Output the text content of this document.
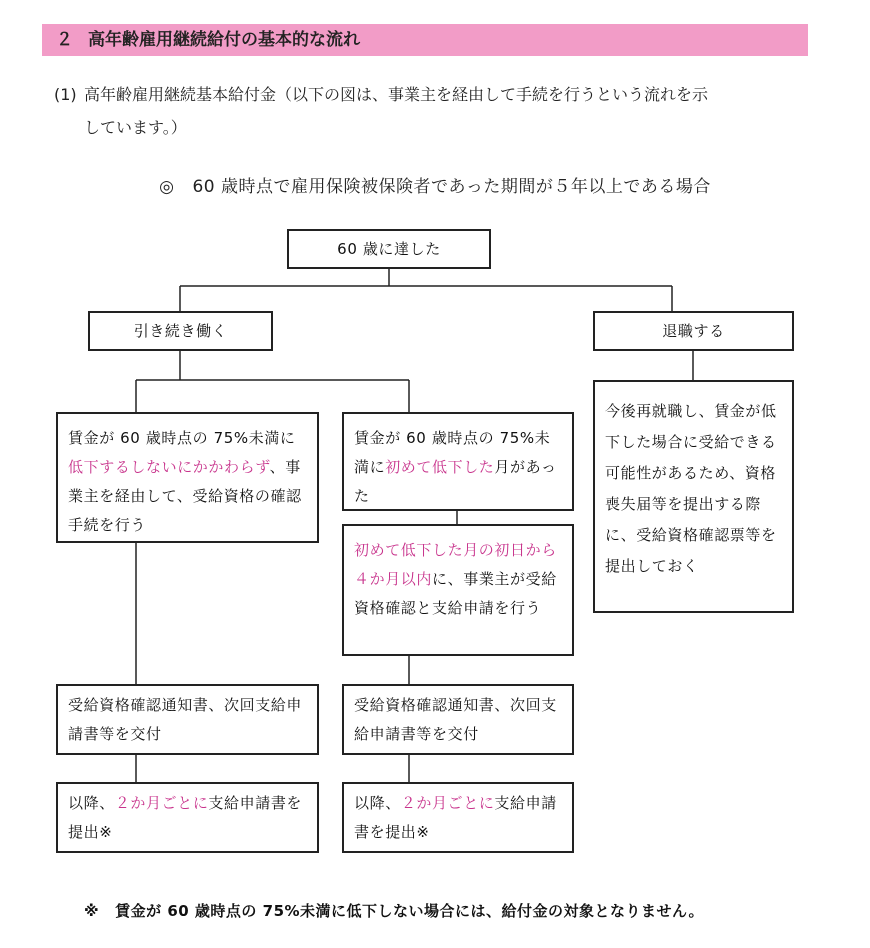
２ 高年齢雇用継続給付の基本的な流れ
(1) 高年齢雇用継続基本給付金（以下の図は、事業主を経由して手続を行うという流れを示
しています。）
◎ 60 歳時点で雇用保険被保険者であった期間が５年以上である場合
60 歳に達した
引き続き働く	退職する
今後再就職し、賃金が低下した場合に受給できる可能性があるため、資格喪失届等を提出する際に、受給資格確認票等を提出しておく
賃金が 60 歳時点の 75%未満に低下するしないにかかわらず、事業主を経由して、受給資格の確認手続を行う
賃金が 60 歳時点の 75%未満に初めて低下した月があった
初めて低下した月の初日から４か月以内に、事業主が受給資格確認と支給申請を行う
受給資格確認通知書、次回支給申請書等を交付
受給資格確認通知書、次回支給申請書等を交付
以降、２か月ごとに支給申請書を提出※
以降、２か月ごとに支給申請書を提出※
※ 賃金が 60 歳時点の 75%未満に低下しない場合には、給付金の対象となりません。
